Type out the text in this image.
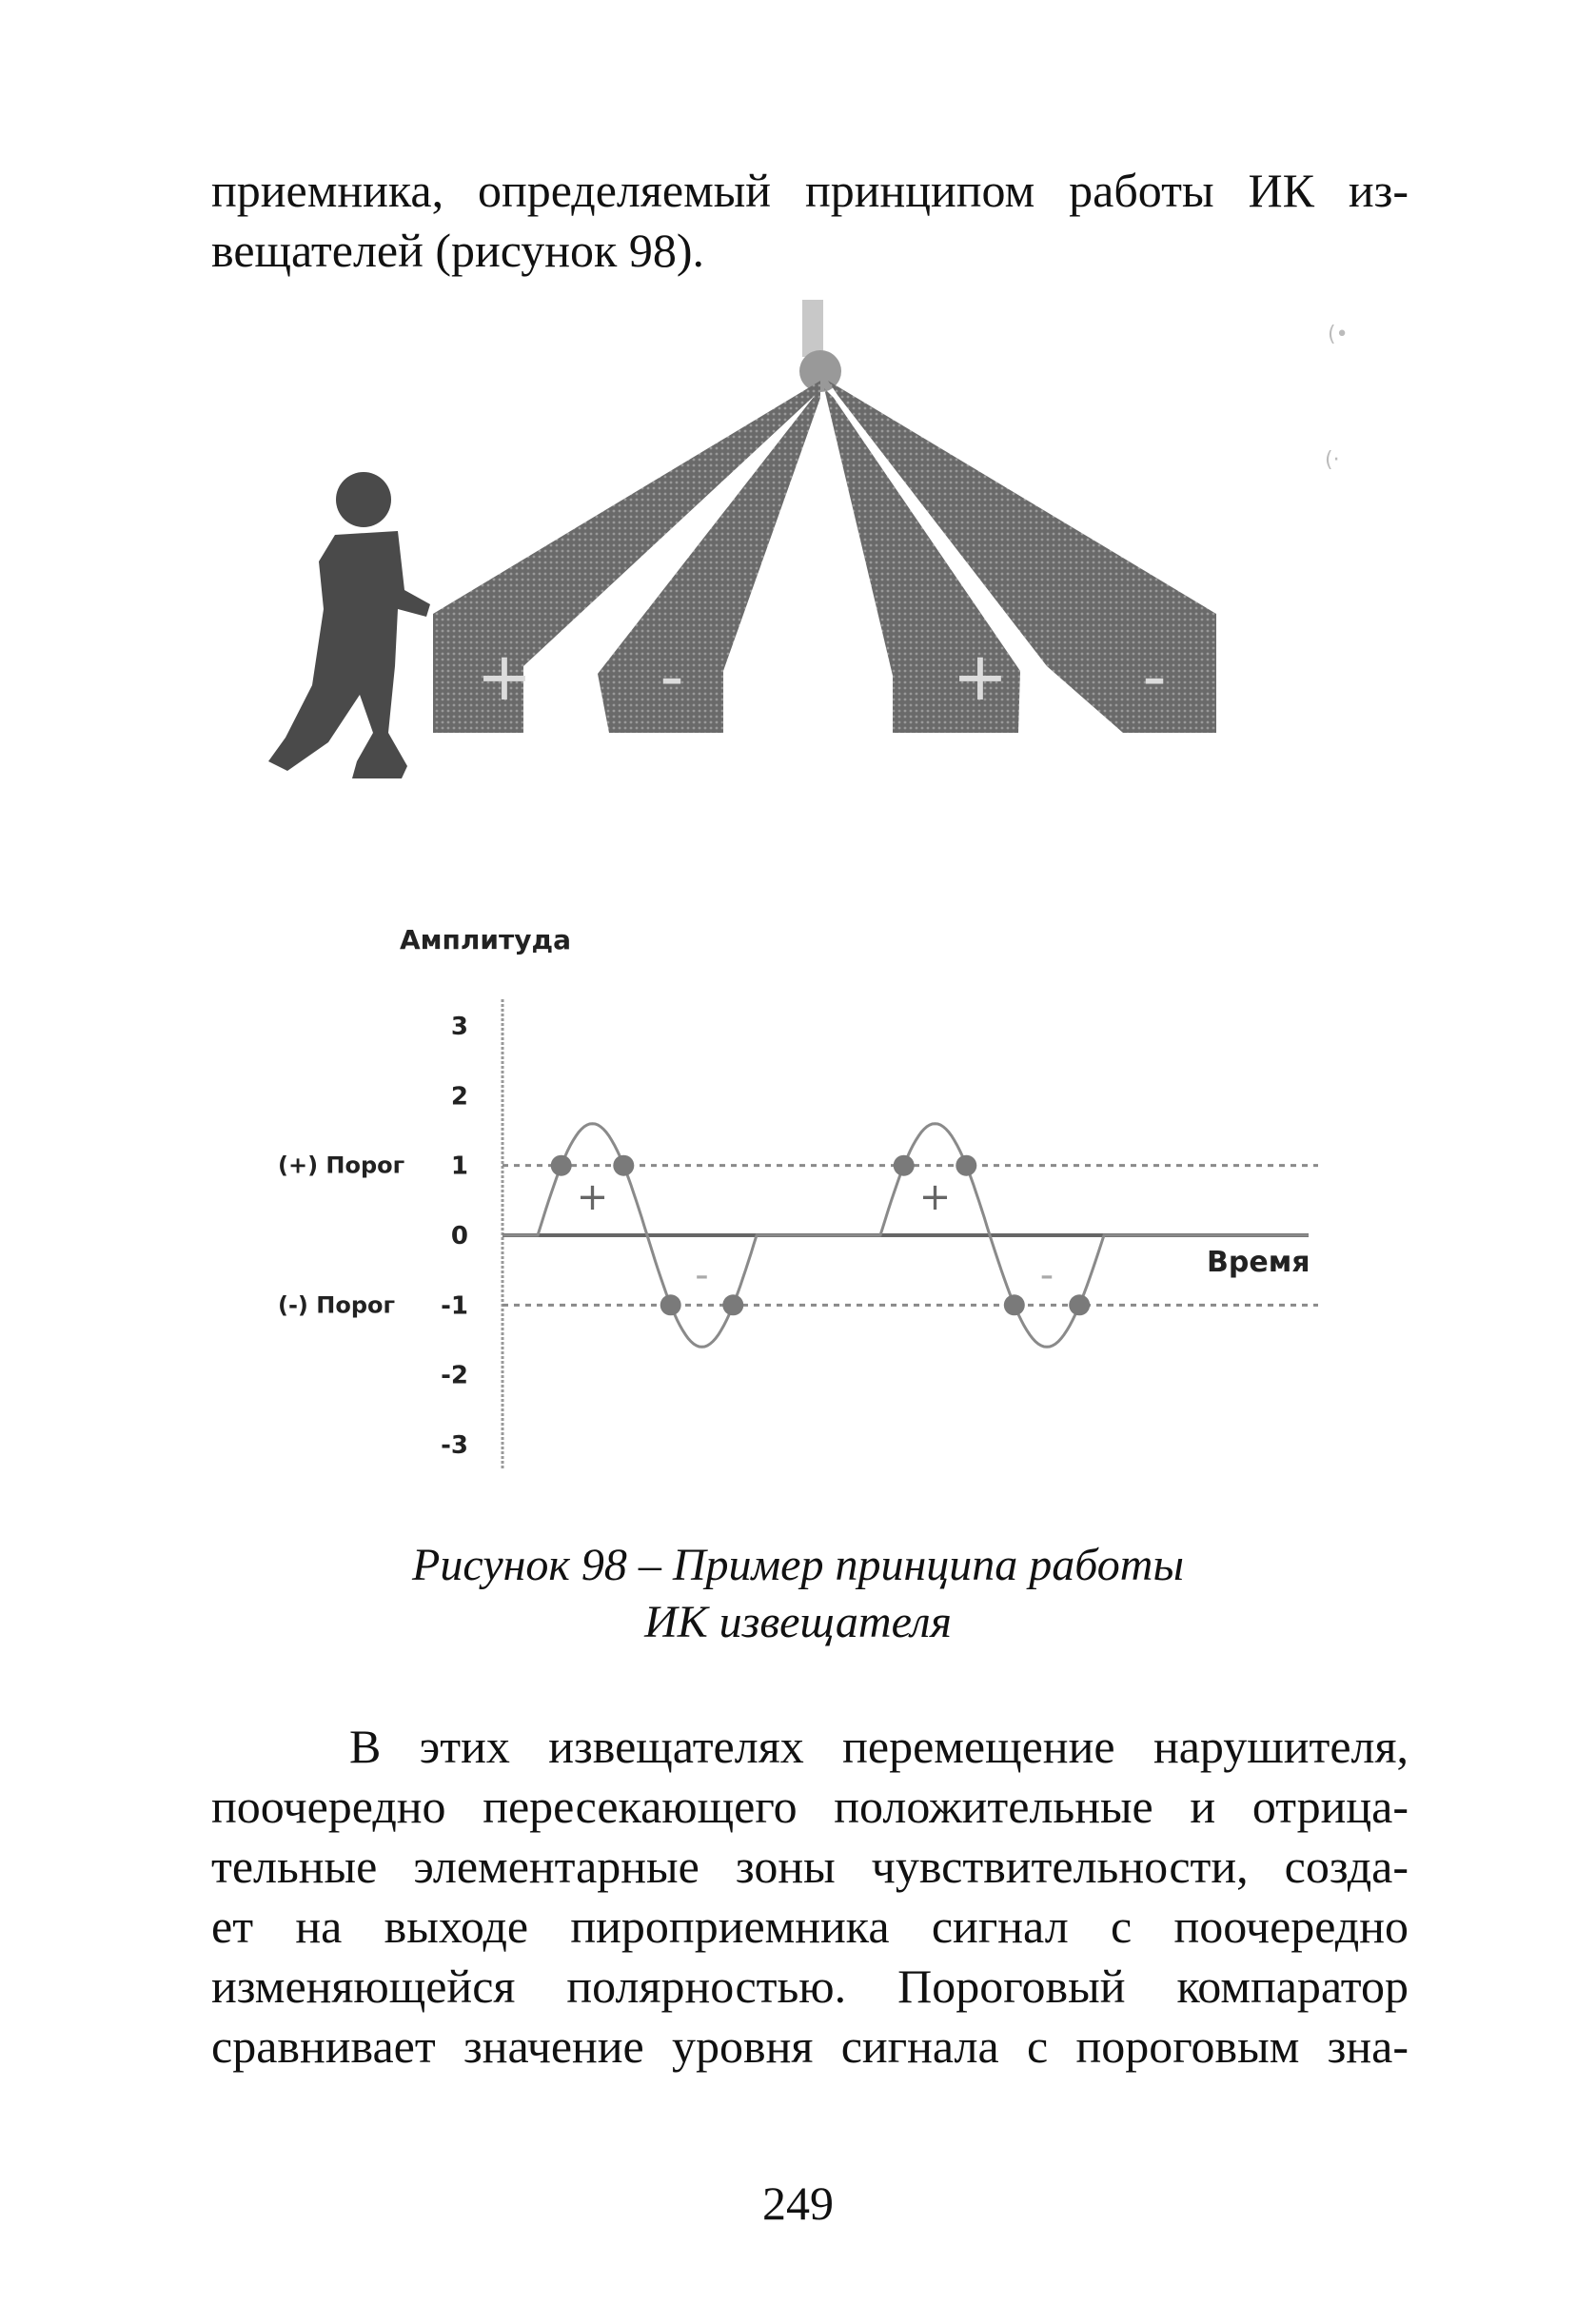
приемника, определяемый принципом работы ИК из-

вещателей (рисунок 98).

+ -	+ -
(•
(·
Амплитуда
Время
3
2
1
0
-1
-2
-3
(+) Порог
(-) Порог
+
-
+
-

Рисунок 98 – Пример принципа работы

ИК извещателя

В этих извещателях перемещение нарушителя,

поочередно пересекающего положительные и отрица-

тельные элементарные зоны чувствительности, созда-

ет на выходе пироприемника сигнал с поочередно

изменяющейся полярностью. Пороговый компаратор

сравнивает значение уровня сигнала с пороговым зна-

249
